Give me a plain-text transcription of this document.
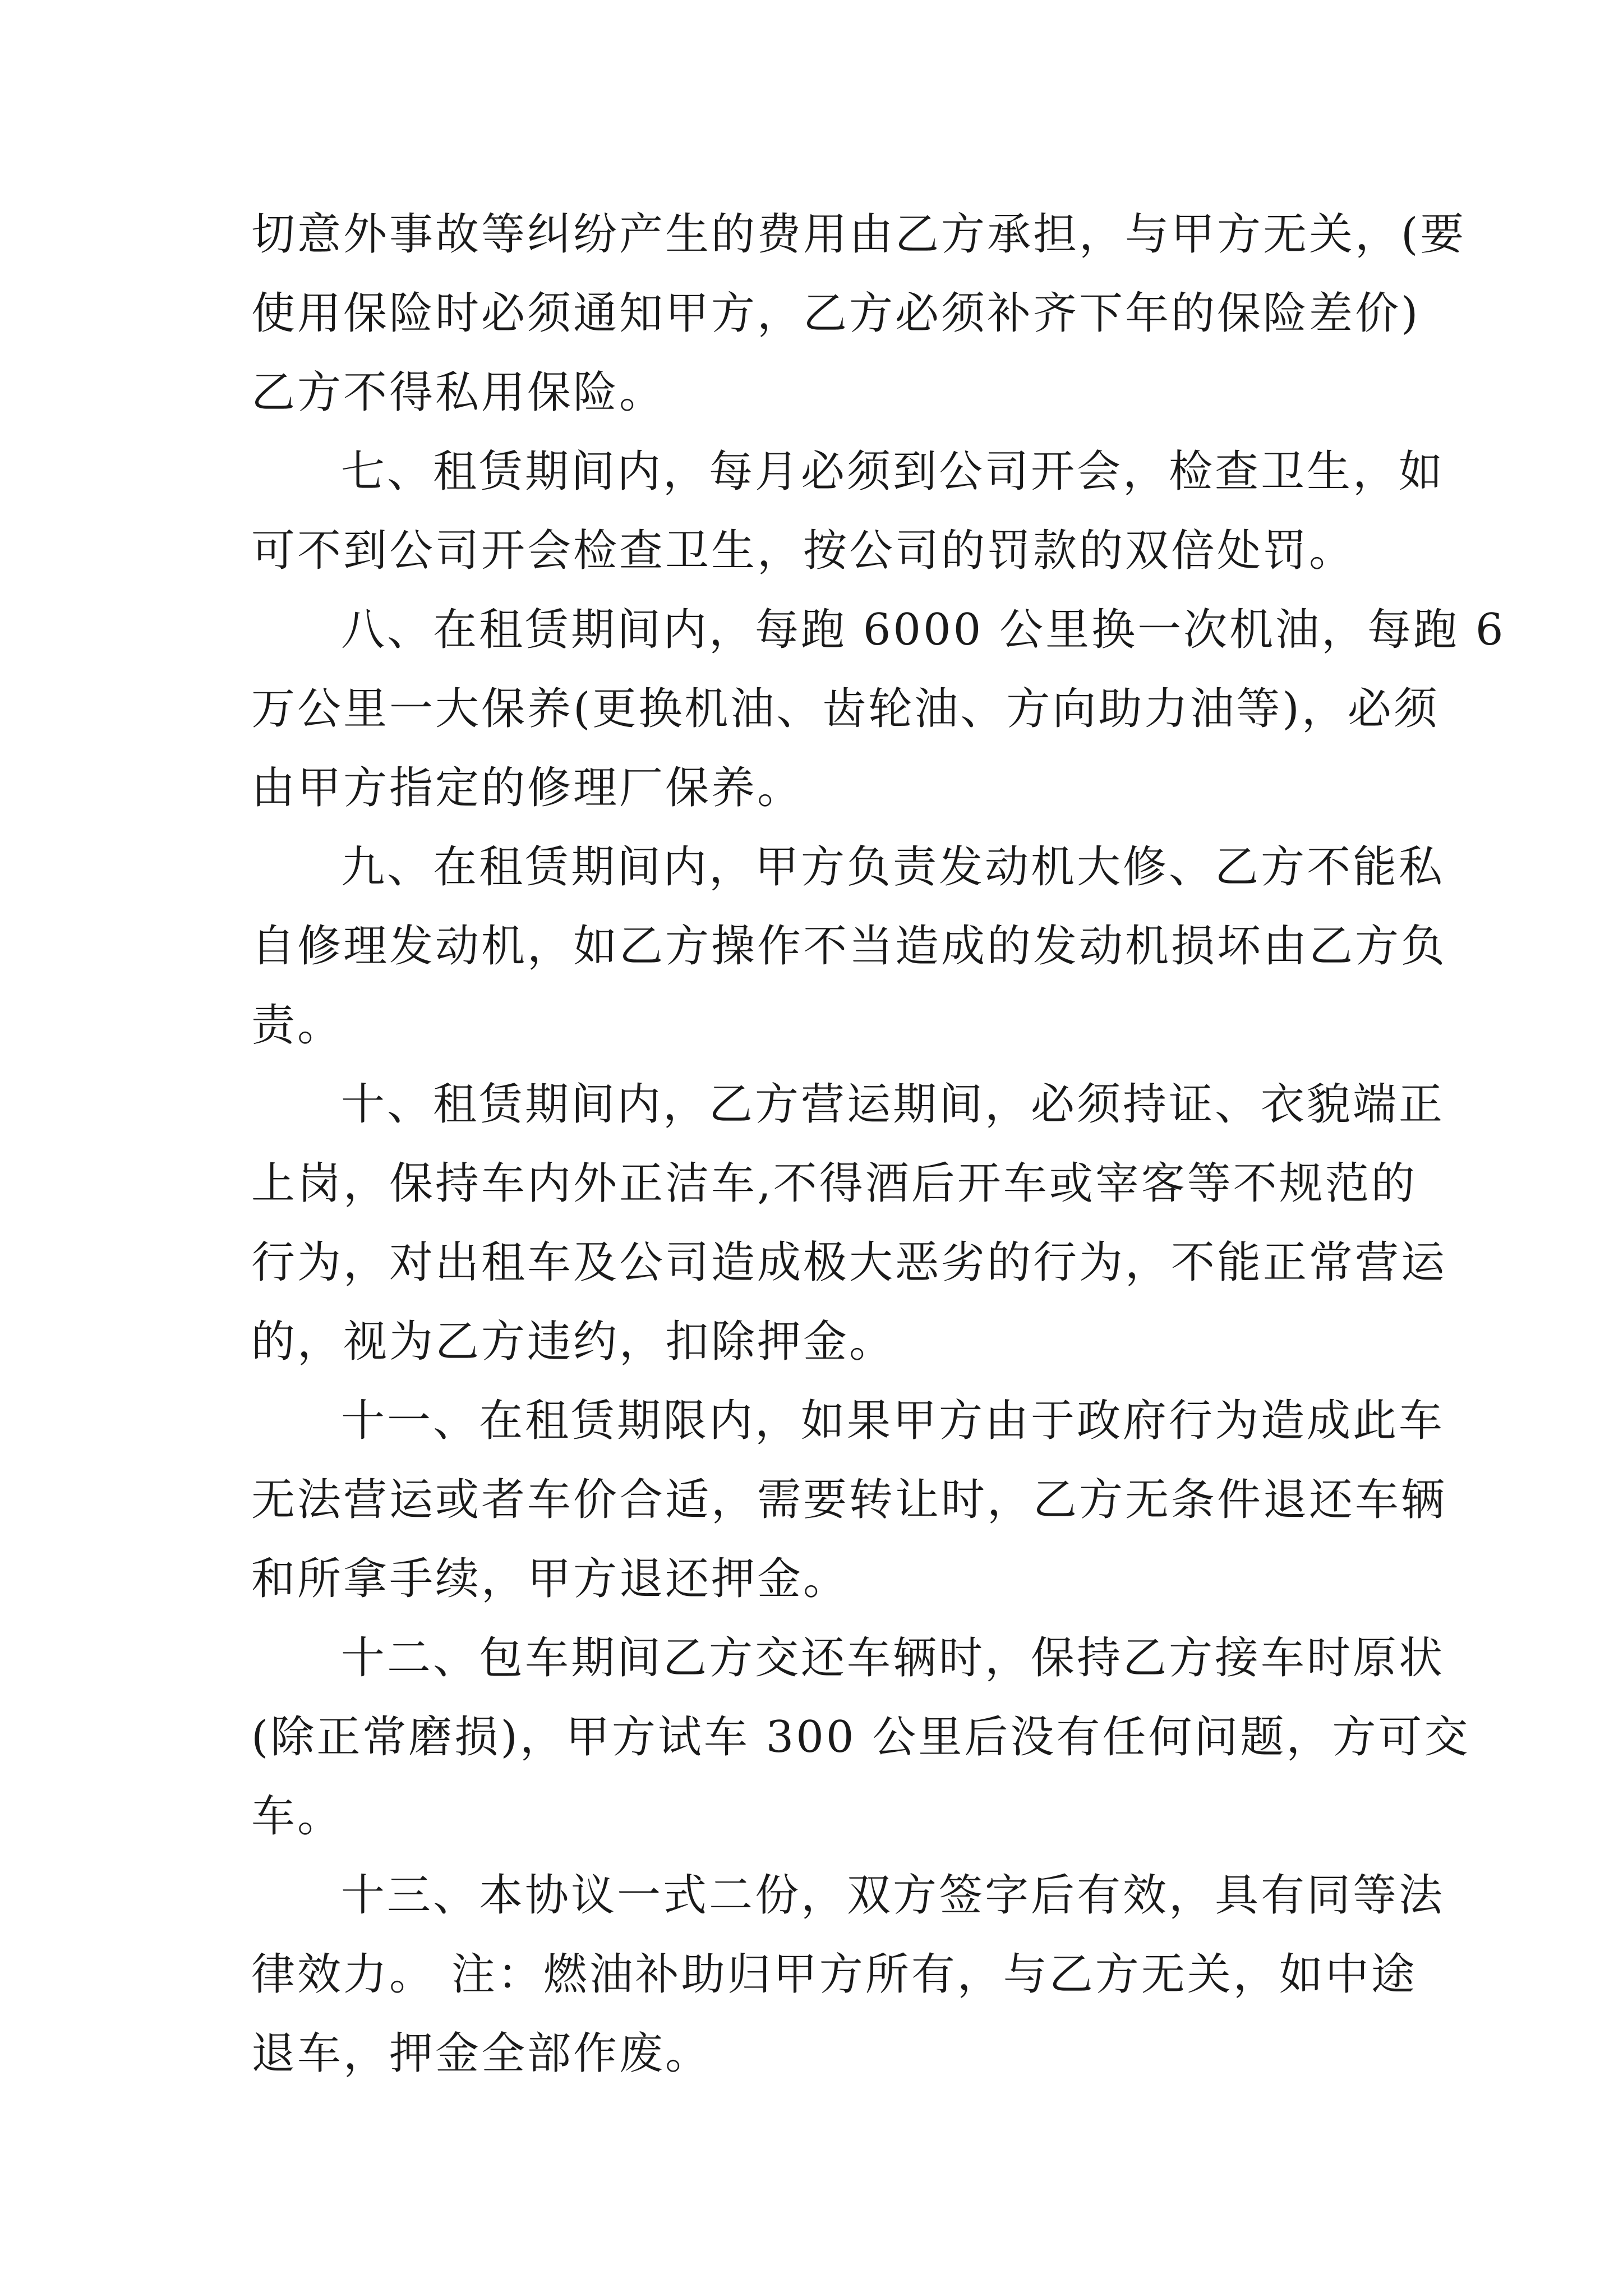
切意外事故等纠纷产生的费用由乙方承担，与甲方无关，(要
使用保险时必须通知甲方，乙方必须补齐下年的保险差价)
乙方不得私用保险。

七、租赁期间内，每月必须到公司开会，检查卫生，如
可不到公司开会检查卫生，按公司的罚款的双倍处罚。

八、在租赁期间内，每跑 6000 公里换一次机油，每跑 6
万公里一大保养(更换机油、齿轮油、方向助力油等)，必须
由甲方指定的修理厂保养。

九、在租赁期间内，甲方负责发动机大修、乙方不能私
自修理发动机，如乙方操作不当造成的发动机损坏由乙方负
责。

十、租赁期间内，乙方营运期间，必须持证、衣貌端正
上岗，保持车内外正洁车,不得酒后开车或宰客等不规范的
行为，对出租车及公司造成极大恶劣的行为，不能正常营运
的，视为乙方违约，扣除押金。

十一、在租赁期限内，如果甲方由于政府行为造成此车
无法营运或者车价合适，需要转让时，乙方无条件退还车辆
和所拿手续，甲方退还押金。

十二、包车期间乙方交还车辆时，保持乙方接车时原状
(除正常磨损)，甲方试车 300 公里后没有任何问题，方可交
车。

十三、本协议一式二份，双方签字后有效，具有同等法
律效力。 注：燃油补助归甲方所有，与乙方无关，如中途
退车，押金全部作废。
